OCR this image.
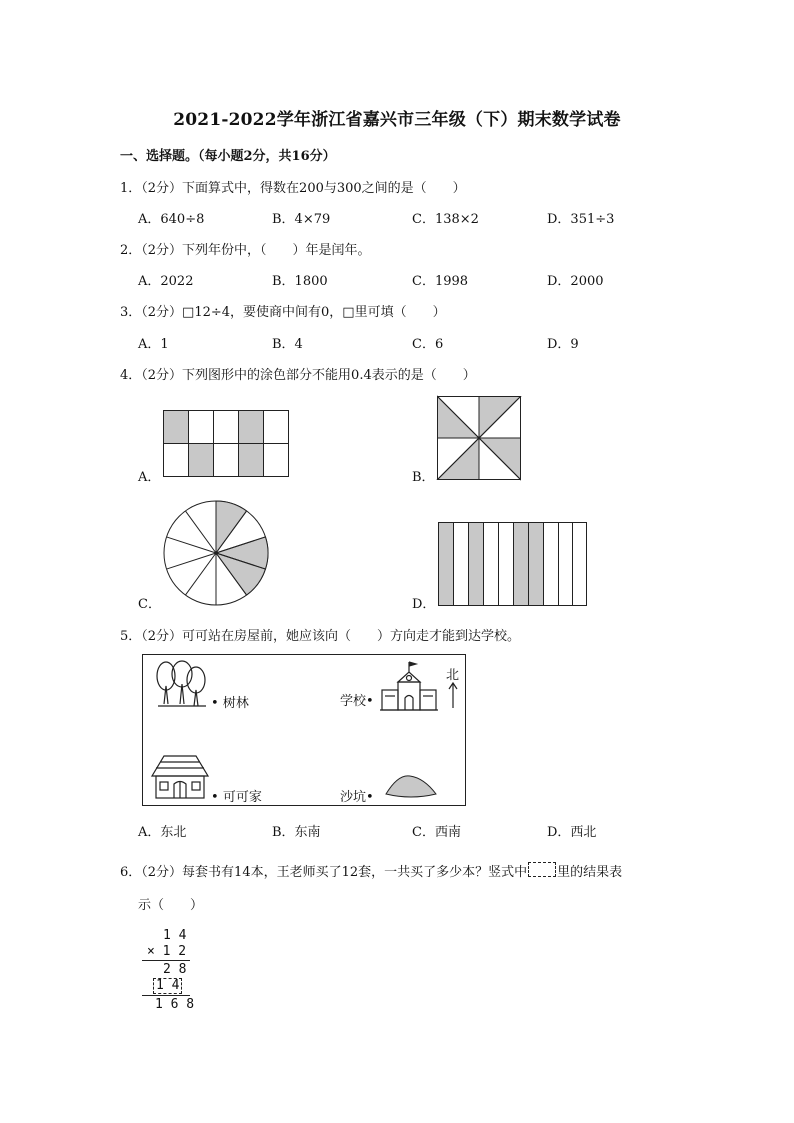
2021-2022学年浙江省嘉兴市三年级（下）期末数学试卷
一、选择题。（每小题2分，共16分）
1．（2分）下面算式中，得数在200与300之间的是（　　）
A．640÷8	B．4×79	C．138×2	D．351÷3
2．（2分）下列年份中，（　　）年是闰年。
A．2022	B．1800	C．1998	D．2000
3．（2分）□12÷4，要使商中间有0，□里可填（　　）
A．1	B．4	C．6	D．9
4．（2分）下列图形中的涂色部分不能用0.4表示的是（　　）
A．	B．
C．	D．
5．（2分）可可站在房屋前，她应该向（　　）方向走才能到达学校。
• 树林	学校•
北
• 可可家	沙坑•
A．东北	B．东南	C．西南	D．西北
6．（2分）每套书有14本，王老师买了12套，一共买了多少本？竖式中 里的结果表
示（　　）
1 4
× 1 2
2 8
1 4
1 6 8
